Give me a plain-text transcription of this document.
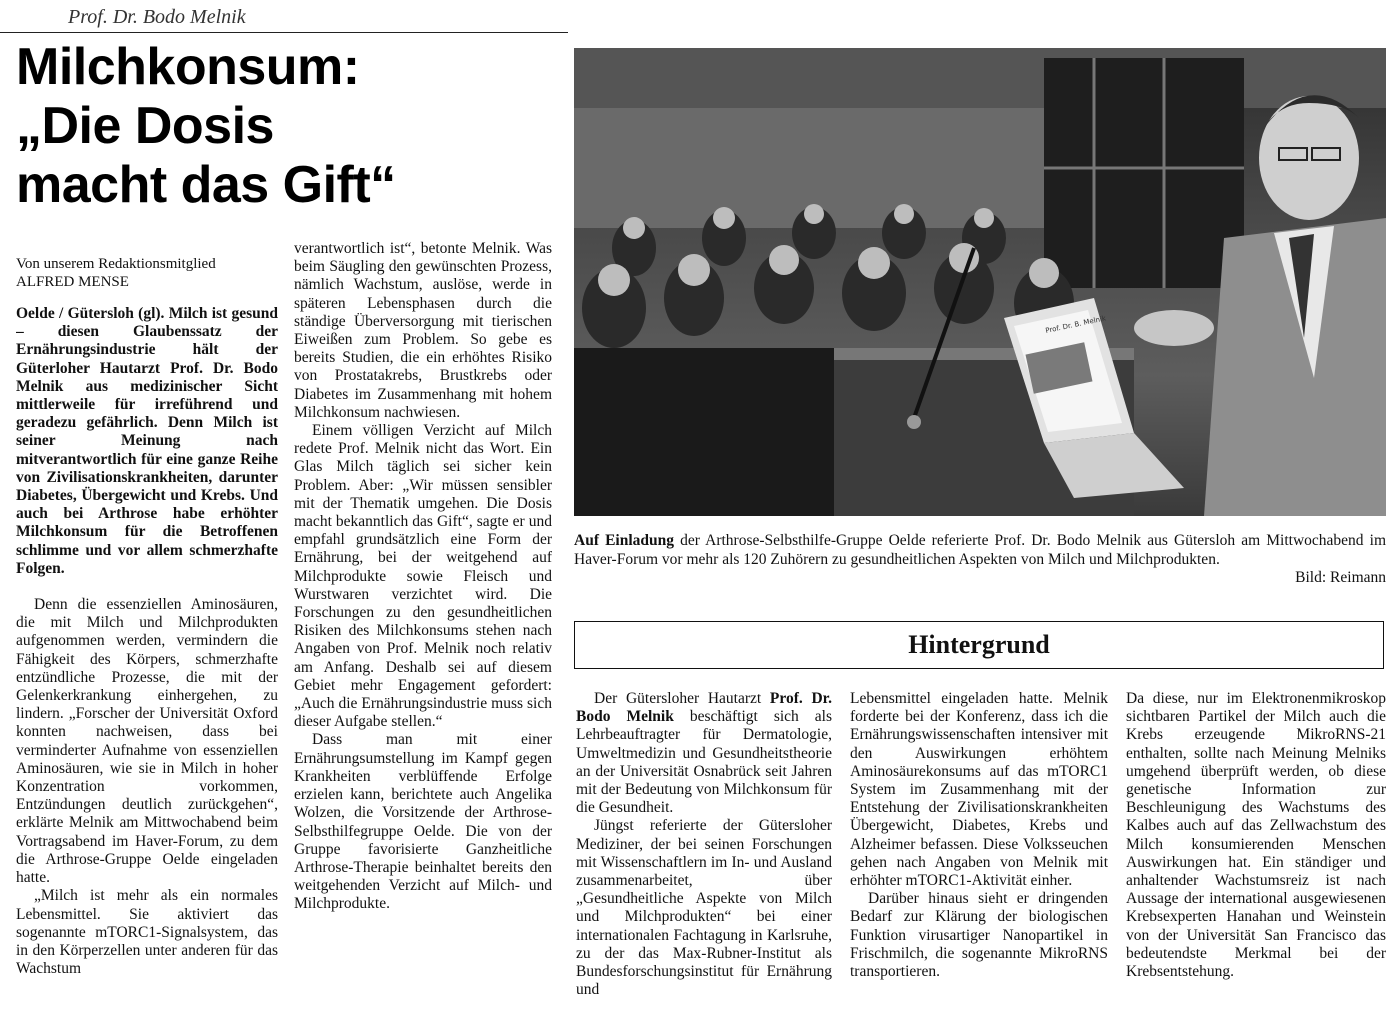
Prof. Dr. Bodo Melnik
Milchkonsum:
„Die Dosis
macht das Gift“
Von unserem Redaktionsmitglied
ALFRED MENSE

Oelde / Gütersloh (gl). Milch ist gesund – diesen Glaubenssatz der Ernährungsindustrie hält der Güterloher Hautarzt Prof. Dr. Bodo Melnik aus medizinischer Sicht mittlerweile für irreführend und geradezu gefährlich. Denn Milch ist seiner Meinung nach mitverantwortlich für eine ganze Reihe von Zivilisationskrankheiten, darunter Diabetes, Übergewicht und Krebs. Und auch bei Arthrose habe erhöhter Milchkonsum für die Betroffenen schlimme und vor allem schmerzhafte Folgen.

Denn die essenziellen Aminosäuren, die mit Milch und Milchprodukten aufgenommen werden, vermindern die Fähigkeit des Körpers, schmerzhafte entzündliche Prozesse, die mit der Gelenkerkrankung einhergehen, zu lindern. „Forscher der Universität Oxford konnten nachweisen, dass bei verminderter Aufnahme von essenziellen Aminosäuren, wie sie in Milch in hoher Konzentration vorkommen, Entzündungen deutlich zurückgehen“, erklärte Melnik am Mittwochabend beim Vortragsabend im Haver-Forum, zu dem die Arthrose-Gruppe Oelde eingeladen hatte.

„Milch ist mehr als ein normales Lebensmittel. Sie aktiviert das sogenannte mTORC1-Signalsystem, das in den Körperzellen unter anderen für das Wachstum

verantwortlich ist“, betonte Melnik. Was beim Säugling den gewünschten Prozess, nämlich Wachstum, auslöse, werde in späteren Lebensphasen durch die ständige Überversorgung mit tierischen Eiweißen zum Problem. So gebe es bereits Studien, die ein erhöhtes Risiko von Prostatakrebs, Brustkrebs oder Diabetes im Zusammenhang mit hohem Milchkonsum nachwiesen.

Einem völligen Verzicht auf Milch redete Prof. Melnik nicht das Wort. Ein Glas Milch täglich sei sicher kein Problem. Aber: „Wir müssen sensibler mit der Thematik umgehen. Die Dosis macht bekanntlich das Gift“, sagte er und empfahl grundsätzlich eine Form der Ernährung, bei der weitgehend auf Milchprodukte sowie Fleisch und Wurstwaren verzichtet wird. Die Forschungen zu den gesundheitlichen Risiken des Milchkonsums stehen nach Angaben von Prof. Melnik noch relativ am Anfang. Deshalb sei auf diesem Gebiet mehr Engagement gefordert: „Auch die Ernährungsindustrie muss sich dieser Aufgabe stellen.“

Dass man mit einer Ernährungsumstellung im Kampf gegen Krankheiten verblüffende Erfolge erzielen kann, berichtete auch Angelika Wolzen, die Vorsitzende der Arthrose-Selbsthilfegruppe Oelde. Die von der Gruppe favorisierte Ganzheitliche Arthrose-Therapie beinhaltet bereits den weitgehenden Verzicht auf Milch- und Milchprodukte.

Prof. Dr. B. Melnik
Auf Einladung der Arthrose-Selbsthilfe-Gruppe Oelde referierte Prof. Dr. Bodo Melnik aus Gütersloh am Mittwochabend im Haver-Forum vor mehr als 120 Zuhörern zu gesundheitlichen Aspekten von Milch und Milchprodukten.
Bild: Reimann
Hintergrund

Der Gütersloher Hautarzt Prof. Dr. Bodo Melnik beschäftigt sich als Lehrbeauftragter für Dermatologie, Umweltmedizin und Gesundheitstheorie an der Universität Osnabrück seit Jahren mit der Bedeutung von Milchkonsum für die Gesundheit.

Jüngst referierte der Gütersloher Mediziner, der bei seinen Forschungen mit Wissenschaftlern im In- und Ausland zusammenarbeitet, über „Gesundheitliche Aspekte von Milch und Milchprodukten“ bei einer internationalen Fachtagung in Karlsruhe, zu der das Max-Rubner-Institut als Bundesforschungsinstitut für Ernährung und

Lebensmittel eingeladen hatte. Melnik forderte bei der Konferenz, dass ich die Ernährungswissenschaften intensiver mit den Auswirkungen erhöhtem Aminosäurekonsums auf das mTORC1 System im Zusammenhang mit der Entstehung der Zivilisationskrankheiten Übergewicht, Diabetes, Krebs und Alzheimer befassen. Diese Volksseuchen gehen nach Angaben von Melnik mit erhöhter mTORC1-Aktivität einher.

Darüber hinaus sieht er dringenden Bedarf zur Klärung der biologischen Funktion virusartiger Nanopartikel in Frischmilch, die sogenannte MikroRNS transportieren.

Da diese, nur im Elektronenmikroskop sichtbaren Partikel der Milch auch die Krebs erzeugende MikroRNS-21 enthalten, sollte nach Meinung Melniks umgehend überprüft werden, ob diese genetische Information zur Beschleunigung des Wachstums des Kalbes auch auf das Zellwachstum des Milch konsumierenden Menschen Auswirkungen hat. Ein ständiger und anhaltender Wachstumsreiz ist nach Aussage der international ausgewiesenen Krebsexperten Hanahan und Weinstein von der Universität San Francisco das bedeutendste Merkmal bei der Krebsentstehung.
